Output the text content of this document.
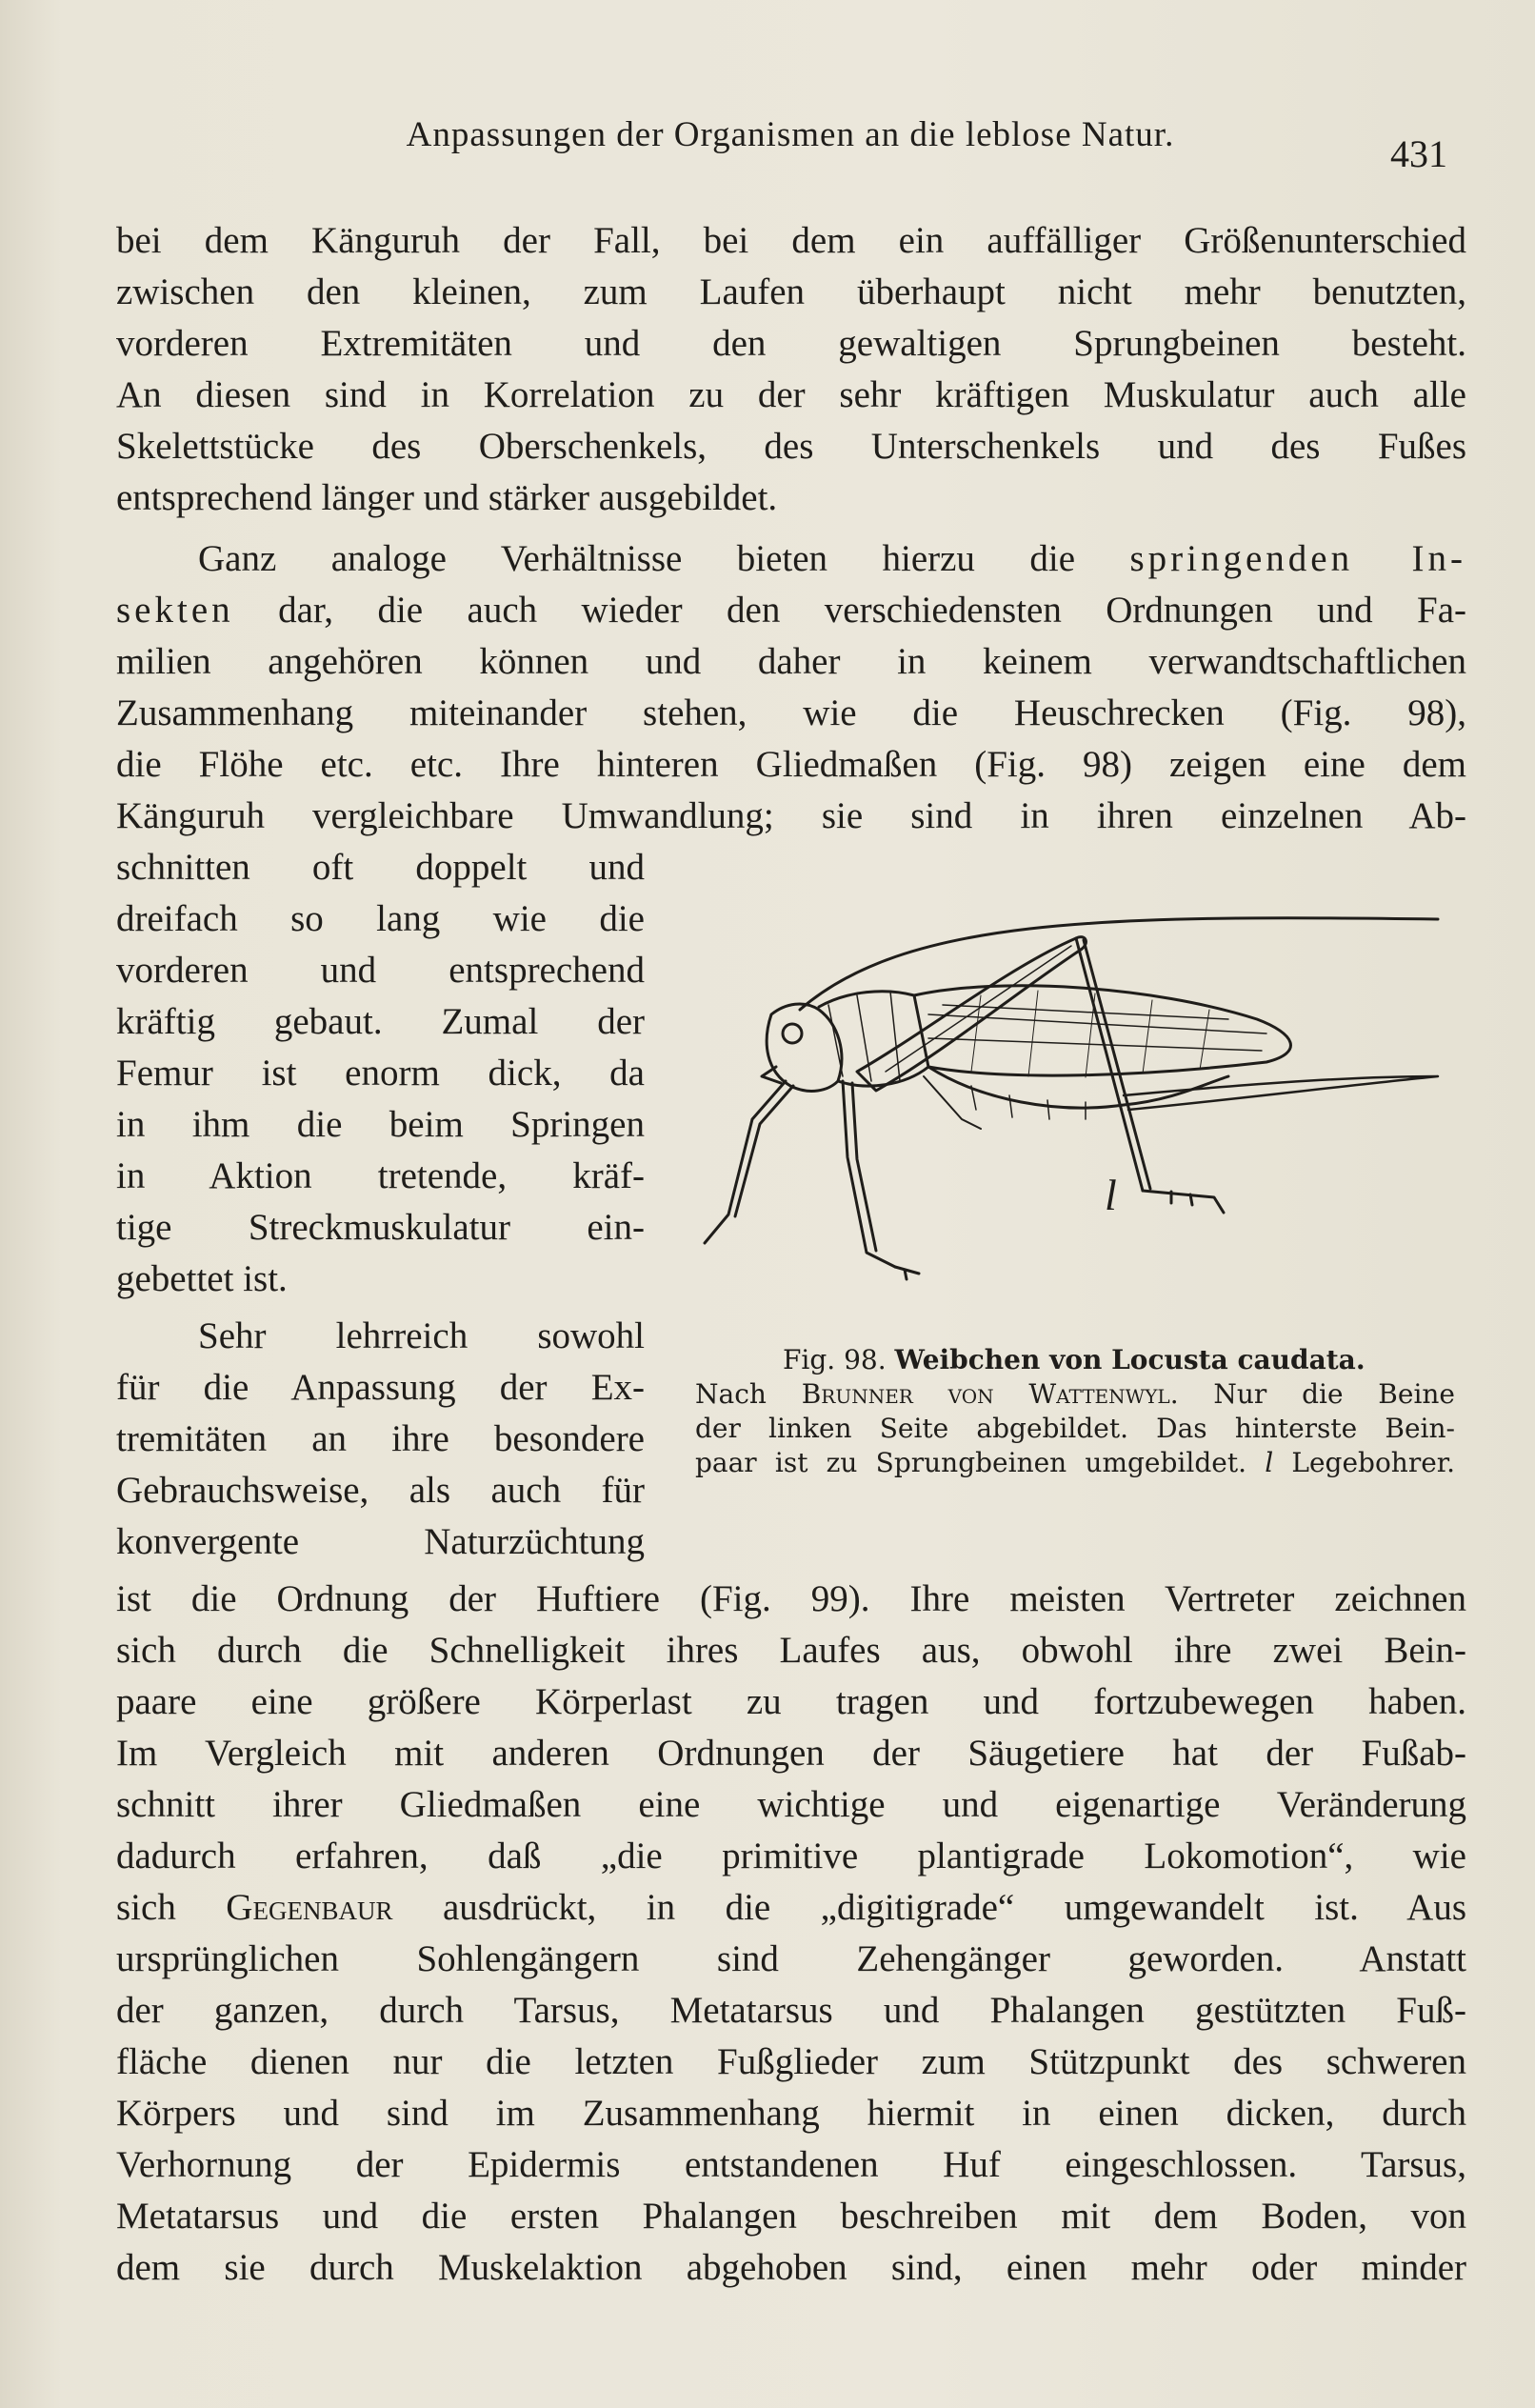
Anpassungen der Organismen an die leblose Natur.	431
bei dem Känguruh der Fall, bei dem ein auffälliger Größenunterschied
zwischen den kleinen, zum Laufen überhaupt nicht mehr benutzten,
vorderen Extremitäten und den gewaltigen Sprungbeinen besteht.
An diesen sind in Korrelation zu der sehr kräftigen Muskulatur auch alle
Skelettstücke des Oberschenkels, des Unterschenkels und des Fußes
entsprechend länger und stärker ausgebildet.
Ganz analoge Verhältnisse bieten hierzu die springenden In-
sekten dar, die auch wieder den verschiedensten Ordnungen und Fa-
milien angehören können und daher in keinem verwandtschaftlichen
Zusammenhang miteinander stehen, wie die Heuschrecken (Fig. 98),
die Flöhe etc. etc. Ihre hinteren Gliedmaßen (Fig. 98) zeigen eine dem
Känguruh vergleichbare Umwandlung; sie sind in ihren einzelnen Ab-
schnitten oft doppelt und
dreifach so lang wie die
vorderen und entsprechend
kräftig gebaut. Zumal der
Femur ist enorm dick, da
in ihm die beim Springen
in Aktion tretende, kräf-
tige Streckmuskulatur ein-
gebettet ist.
Sehr lehrreich sowohl
für die Anpassung der Ex-
tremitäten an ihre besondere
Gebrauchsweise, als auch für
konvergente Naturzüchtung
ist die Ordnung der Huftiere (Fig. 99). Ihre meisten Vertreter zeichnen
sich durch die Schnelligkeit ihres Laufes aus, obwohl ihre zwei Bein-
paare eine größere Körperlast zu tragen und fortzubewegen haben.
Im Vergleich mit anderen Ordnungen der Säugetiere hat der Fußab-
schnitt ihrer Gliedmaßen eine wichtige und eigenartige Veränderung
dadurch erfahren, daß „die primitive plantigrade Lokomotion“, wie
sich Gegenbaur ausdrückt, in die „digitigrade“ umgewandelt ist. Aus
ursprünglichen Sohlengängern sind Zehengänger geworden. Anstatt
der ganzen, durch Tarsus, Metatarsus und Phalangen gestützten Fuß-
fläche dienen nur die letzten Fußglieder zum Stützpunkt des schweren
Körpers und sind im Zusammenhang hiermit in einen dicken, durch
Verhornung der Epidermis entstandenen Huf eingeschlossen. Tarsus,
Metatarsus und die ersten Phalangen beschreiben mit dem Boden, von
dem sie durch Muskelaktion abgehoben sind, einen mehr oder minder
l
Fig. 98. Weibchen von Locusta caudata.
Nach Brunner von Wattenwyl. Nur die Beine
der linken Seite abgebildet. Das hinterste Bein-
paar ist zu Sprungbeinen umgebildet. l Legebohrer.
